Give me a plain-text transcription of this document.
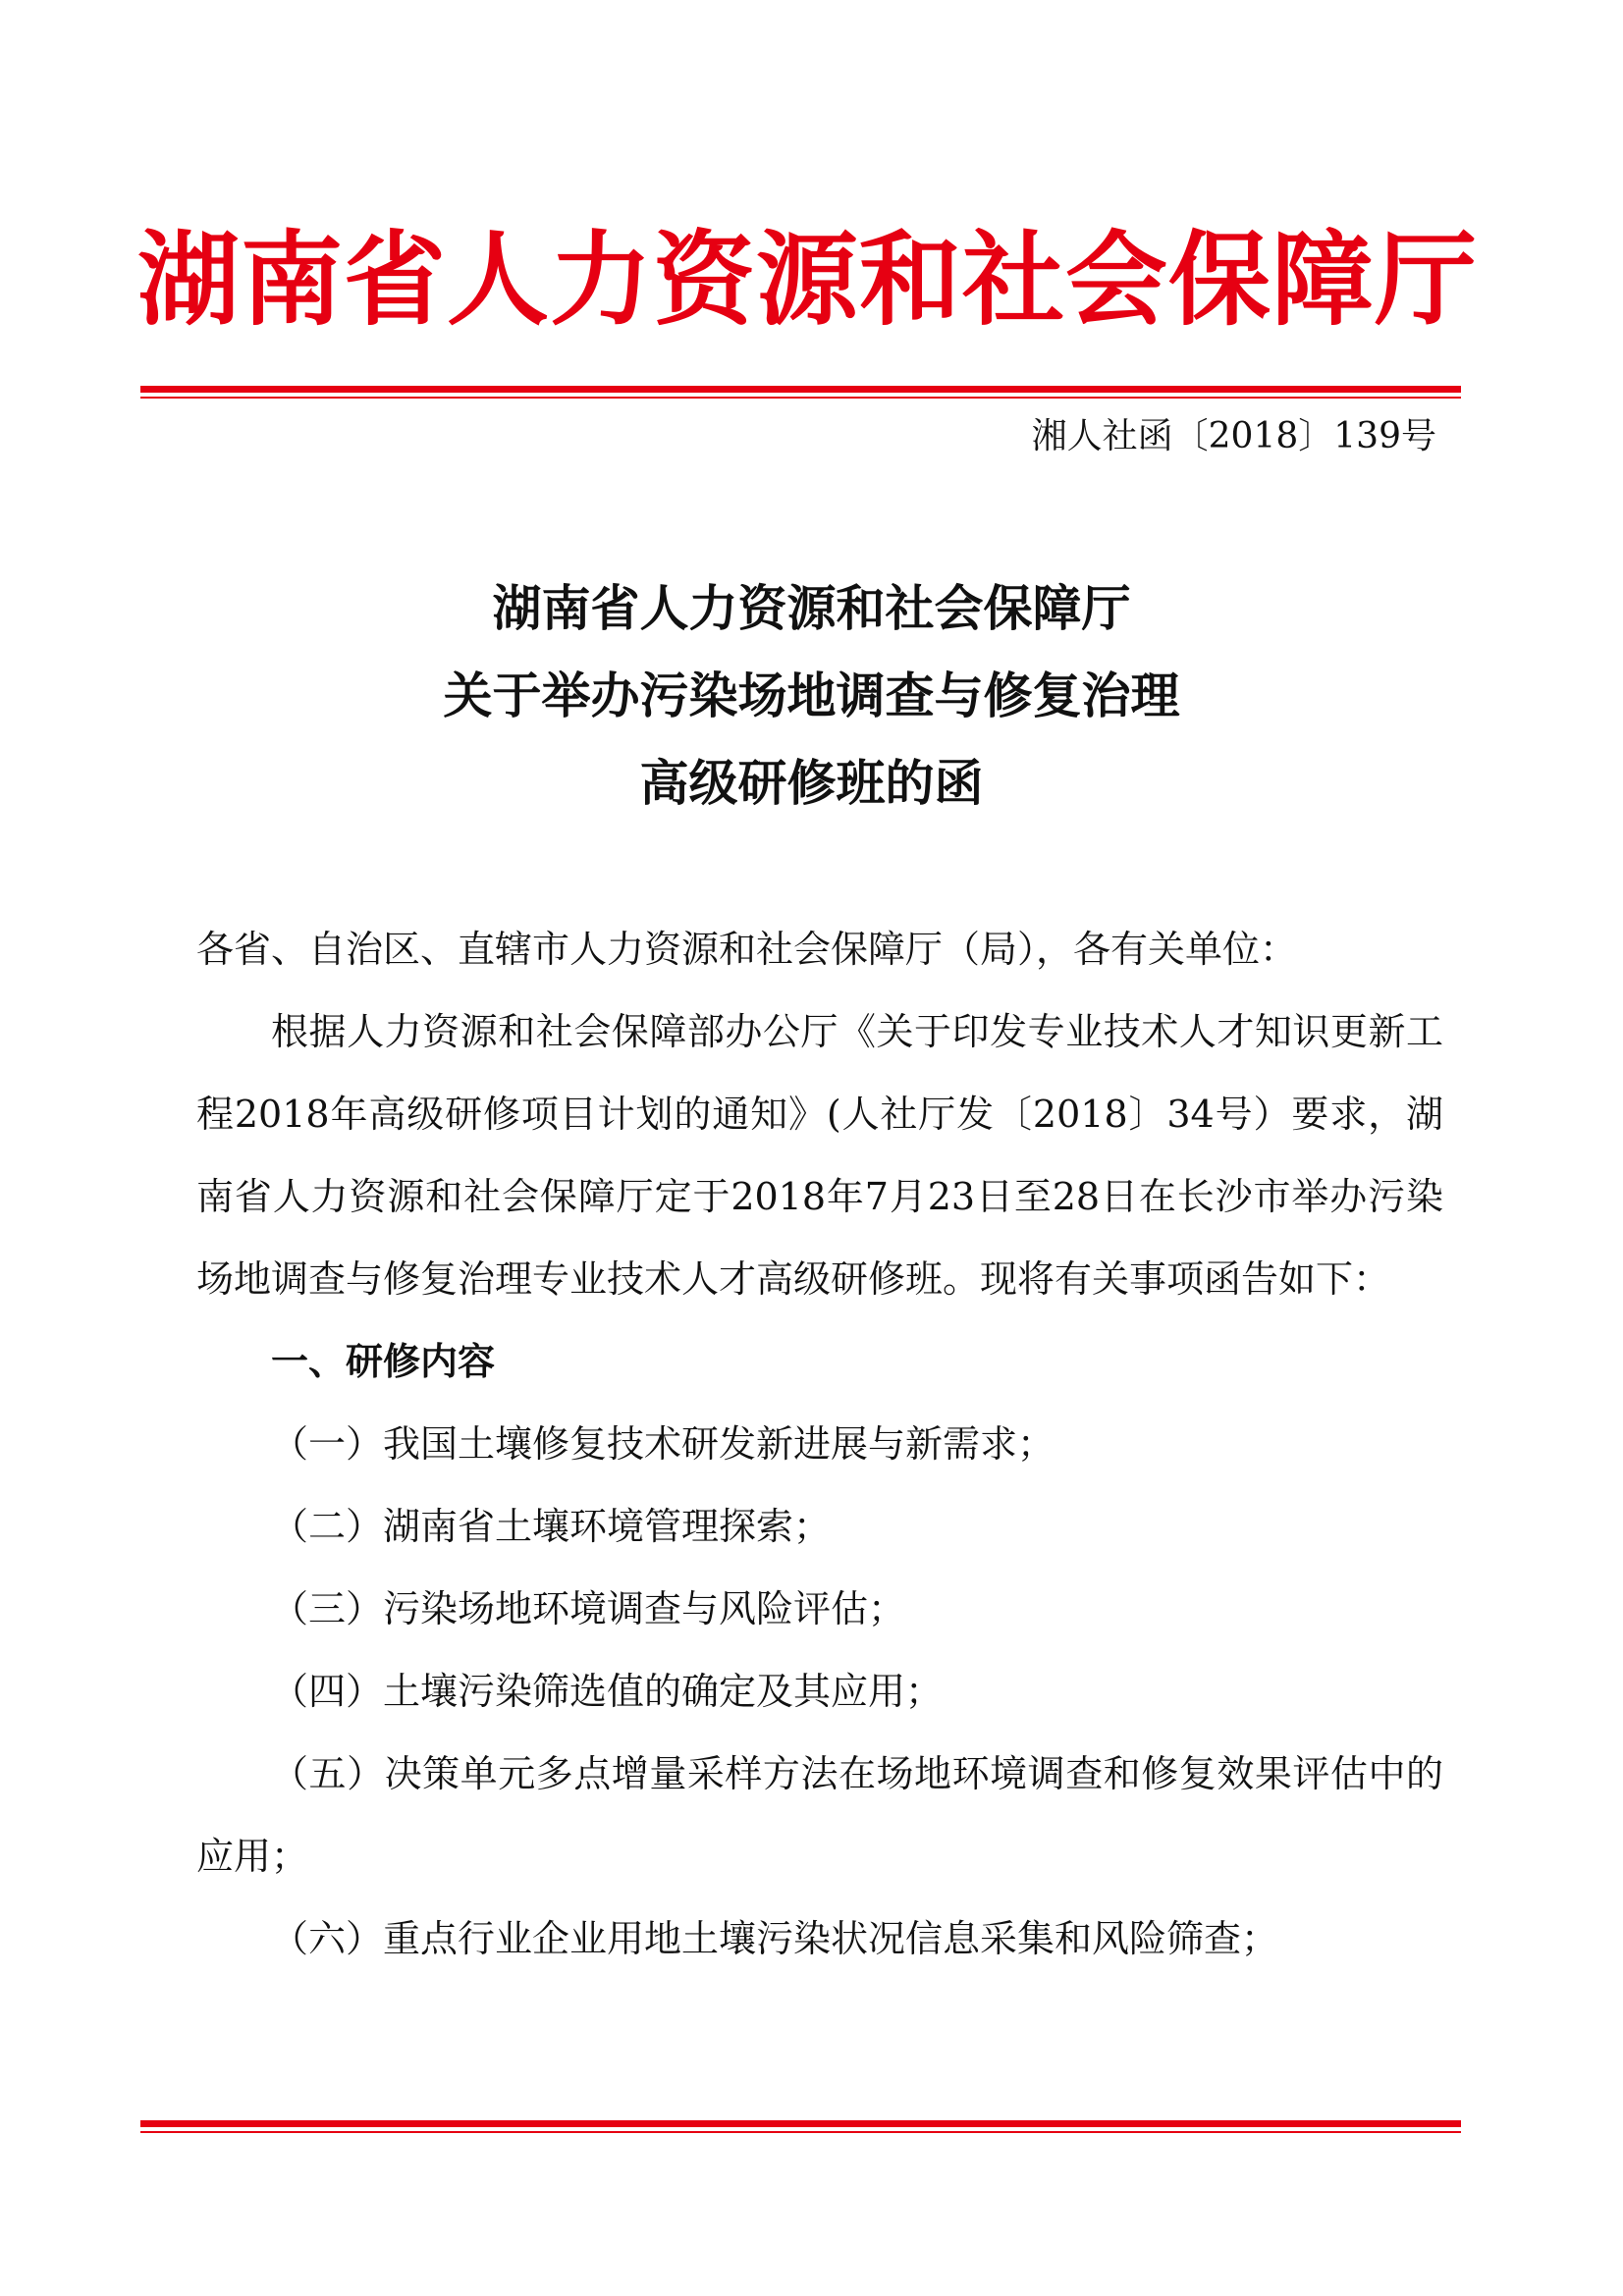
湖南省人力资源和社会保障厅
湘人社函〔2018〕139号
湖南省人力资源和社会保障厅
关于举办污染场地调查与修复治理
高级研修班的函
各省、自治区、直辖市人力资源和社会保障厅（局），各有关单位：
根据人力资源和社会保障部办公厅《关于印发专业技术人才知识更新工程2018年高级研修项目计划的通知》(人社厅发〔2018〕34号）要求，湖南省人力资源和社会保障厅定于2018年7月23日至28日在长沙市举办污染场地调查与修复治理专业技术人才高级研修班。现将有关事项函告如下：
一、研修内容
（一）我国土壤修复技术研发新进展与新需求；
（二）湖南省土壤环境管理探索；
（三）污染场地环境调查与风险评估；
（四）土壤污染筛选值的确定及其应用；
（五）决策单元多点增量采样方法在场地环境调查和修复效果评估中的应用；
（六）重点行业企业用地土壤污染状况信息采集和风险筛查；
